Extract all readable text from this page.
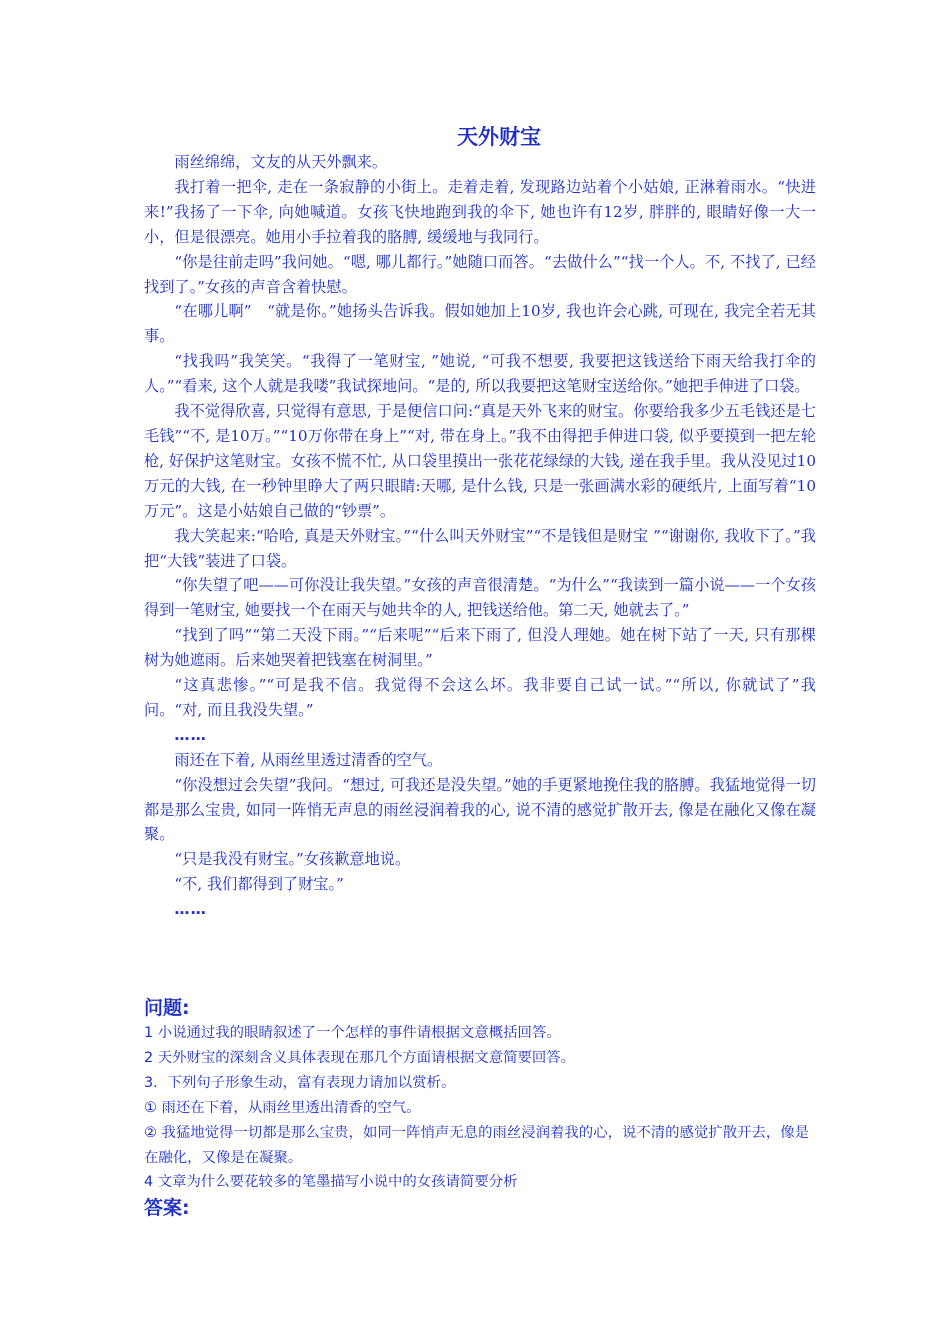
天外财宝

雨丝绵绵，文友的从天外飘来。

我打着一把伞, 走在一条寂静的小街上。走着走着, 发现路边站着个小姑娘, 正淋着雨水。“快进来!”我扬了一下伞, 向她喊道。女孩飞快地跑到我的伞下, 她也许有12岁, 胖胖的, 眼睛好像一大一小，但是很漂亮。她用小手拉着我的胳膊, 缓缓地与我同行。

“你是往前走吗”我问她。“嗯, 哪儿都行。”她随口而答。“去做什么”“找一个人。不, 不找了, 已经找到了。”女孩的声音含着快慰。

“在哪儿啊”　“就是你。”她扬头告诉我。假如她加上10岁, 我也许会心跳, 可现在, 我完全若无其事。

“找我吗”我笑笑。“我得了一笔财宝, ”她说, “可我不想要, 我要把这钱送给下雨天给我打伞的人。”“看来, 这个人就是我喽”我试探地问。“是的, 所以我要把这笔财宝送给你。”她把手伸进了口袋。

我不觉得欣喜, 只觉得有意思, 于是便信口问:“真是天外飞来的财宝。你要给我多少五毛钱还是七毛钱”“不, 是10万。”“10万你带在身上”“对, 带在身上。”我不由得把手伸进口袋, 似乎要摸到一把左轮枪, 好保护这笔财宝。女孩不慌不忙, 从口袋里摸出一张花花绿绿的大钱, 递在我手里。我从没见过10万元的大钱, 在一秒钟里睁大了两只眼睛:天哪, 是什么钱, 只是一张画满水彩的硬纸片, 上面写着“10万元”。这是小姑娘自己做的“钞票”。

我大笑起来:“哈哈, 真是天外财宝。”“什么叫天外财宝”“不是钱但是财宝 ”“谢谢你, 我收下了。”我把“大钱”装进了口袋。

“你失望了吧——可你没让我失望。”女孩的声音很清楚。“为什么”“我读到一篇小说——一个女孩得到一笔财宝, 她要找一个在雨天与她共伞的人, 把钱送给他。第二天, 她就去了。”

“找到了吗”“第二天没下雨。”“后来呢”“后来下雨了, 但没人理她。她在树下站了一天, 只有那棵树为她遮雨。后来她哭着把钱塞在树洞里。”

“这真悲惨。”“可是我不信。我觉得不会这么坏。我非要自己试一试。”“所以, 你就试了”我问。“对, 而且我没失望。”

……

雨还在下着, 从雨丝里透过清香的空气。

“你没想过会失望”我问。“想过, 可我还是没失望。”她的手更紧地挽住我的胳膊。我猛地觉得一切都是那么宝贵, 如同一阵悄无声息的雨丝浸润着我的心, 说不清的感觉扩散开去, 像是在融化又像在凝聚。

“只是我没有财宝。”女孩歉意地说。

“不, 我们都得到了财宝。”

……

问题:

1 小说通过我的眼睛叙述了一个怎样的事件请根据文意概括回答。

2 天外财宝的深刻含义具体表现在那几个方面请根据文意简要回答。

3．下列句子形象生动，富有表现力请加以赏析。

① 雨还在下着，从雨丝里透出清香的空气。

② 我猛地觉得一切都是那么宝贵，如同一阵悄声无息的雨丝浸润着我的心，说不清的感觉扩散开去，像是在融化，又像是在凝聚。

4 文章为什么要花较多的笔墨描写小说中的女孩请简要分析

答案:
